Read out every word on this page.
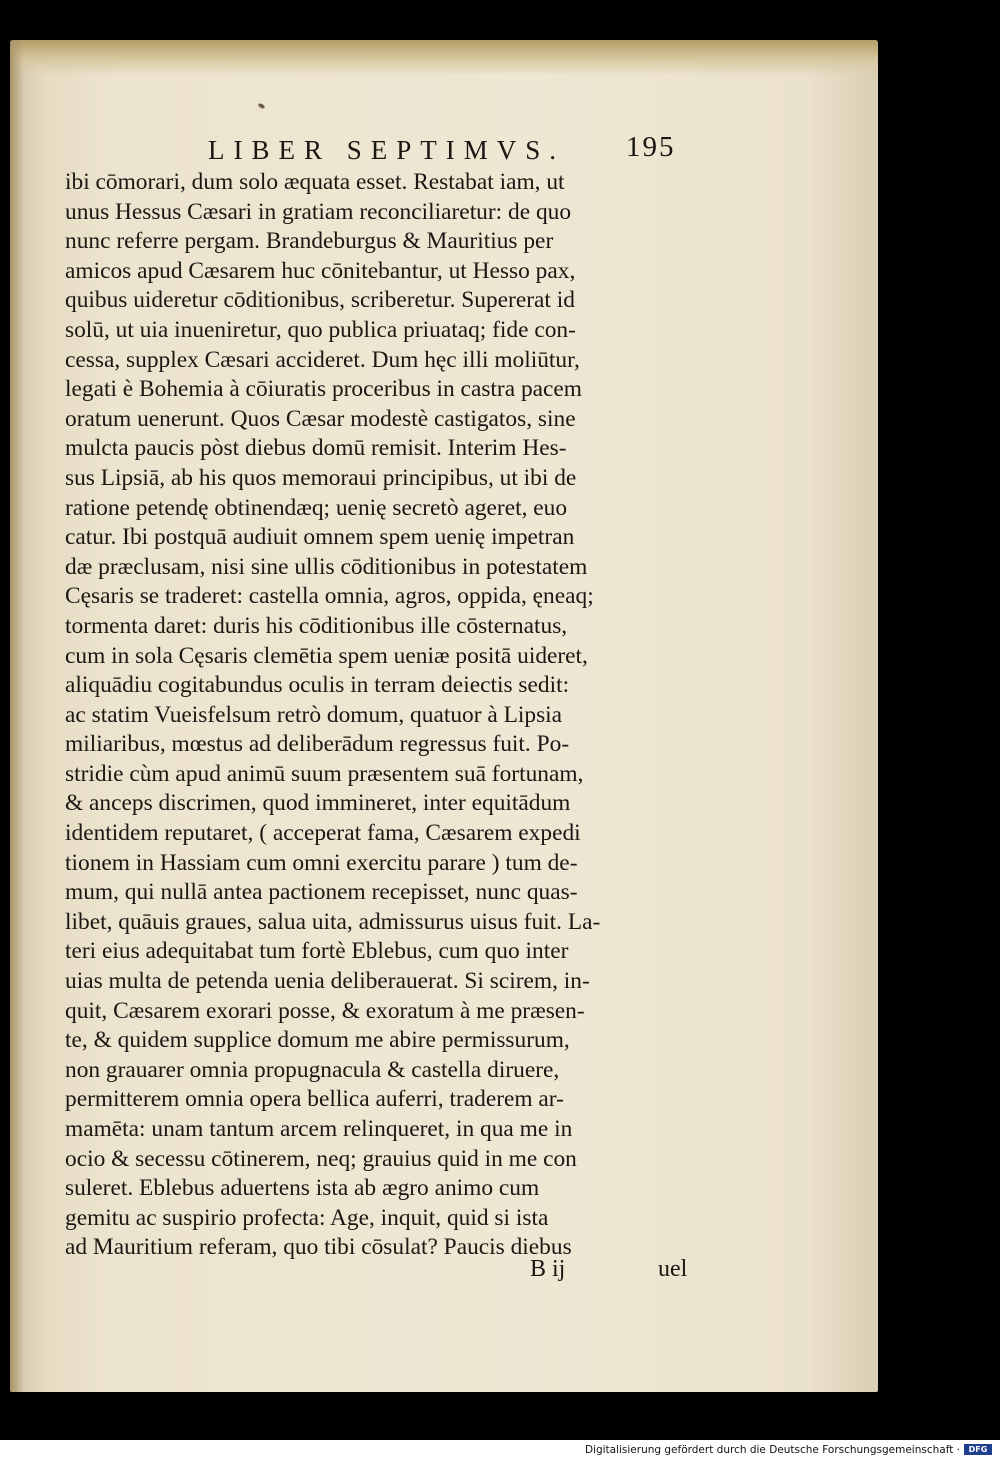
LIBER SEPTIMVS.	195
ibi cōmorari, dum solo æquata esset. Restabat iam, ut
unus Hessus Cæsari in gratiam reconciliaretur: de quo
nunc referre pergam. Brandeburgus & Mauritius per
amicos apud Cæsarem huc cōnitebantur, ut Hesso pax,
quibus uideretur cōditionibus, scriberetur. Supererat id
solū, ut uia inueniretur, quo publica priuataq; fide con-
cessa, supplex Cæsari accideret. Dum hęc illi moliūtur,
legati è Bohemia à cōiuratis proceribus in castra pacem
oratum uenerunt. Quos Cæsar modestè castigatos, sine
mulcta paucis pòst diebus domū remisit. Interim Hes-
sus Lipsiā, ab his quos memoraui principibus, ut ibi de
ratione petendę obtinendæq; uenię secretò ageret, euo
catur. Ibi postquā audiuit omnem spem uenię impetran
dæ præclusam, nisi sine ullis cōditionibus in potestatem
Cęsaris se traderet: castella omnia, agros, oppida, ęneaq;
tormenta daret: duris his cōditionibus ille cōsternatus,
cum in sola Cęsaris clemētia spem ueniæ positā uideret,
aliquādiu cogitabundus oculis in terram deiectis sedit:
ac statim Vueisfelsum retrò domum, quatuor à Lipsia
miliaribus, mœstus ad deliberādum regressus fuit. Po-
stridie cùm apud animū suum præsentem suā fortunam,
& anceps discrimen, quod immineret, inter equitādum
identidem reputaret, ( acceperat fama, Cæsarem expedi
tionem in Hassiam cum omni exercitu parare ) tum de-
mum, qui nullā antea pactionem recepisset, nunc quas-
libet, quāuis graues, salua uita, admissurus uisus fuit. La-
teri eius adequitabat tum fortè Eblebus, cum quo inter
uias multa de petenda uenia deliberauerat. Si scirem, in-
quit, Cæsarem exorari posse, & exoratum à me præsen-
te, & quidem supplice domum me abire permissurum,
non grauarer omnia propugnacula & castella diruere,
permitterem omnia opera bellica auferri, traderem ar-
mamēta: unam tantum arcem relinqueret, in qua me in
ocio & secessu cōtinerem, neq; grauius quid in me con
suleret. Eblebus aduertens ista ab ægro animo cum
gemitu ac suspirio profecta: Age, inquit, quid si ista
ad Mauritium referam, quo tibi cōsulat? Paucis diebus
B ij	uel
Digitalisierung gefördert durch die Deutsche Forschungsgemeinschaft ·	DFG
